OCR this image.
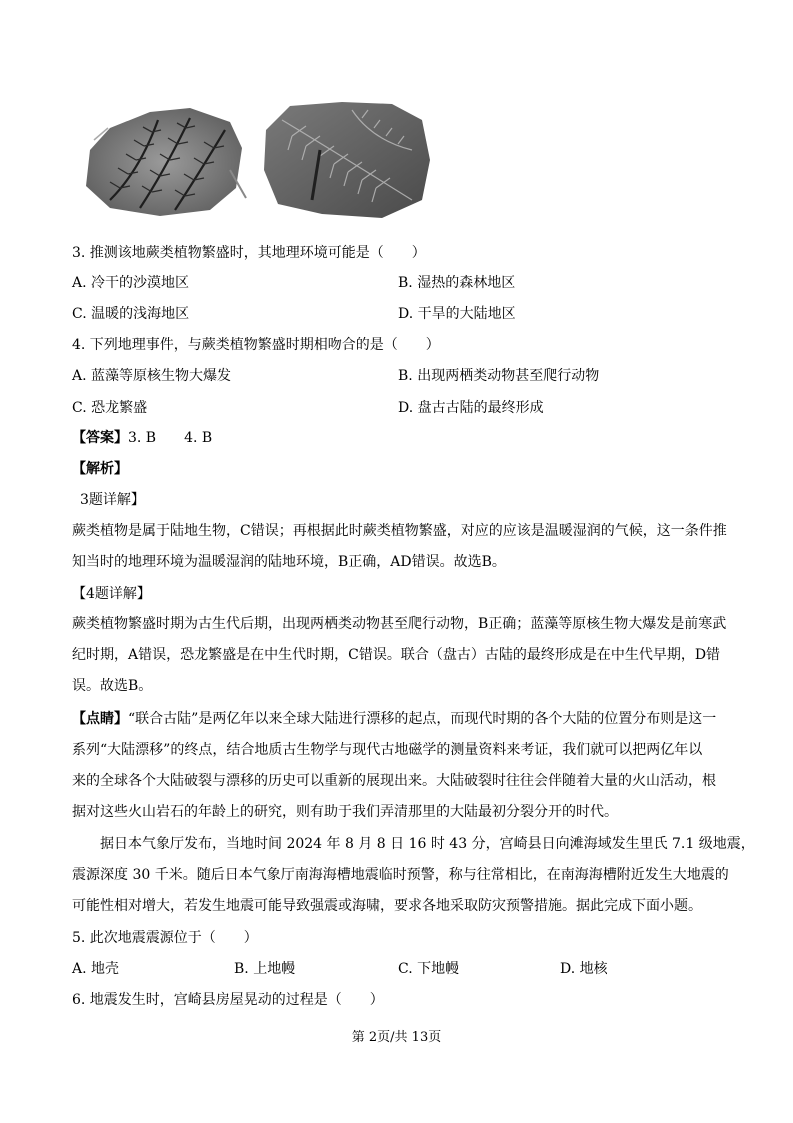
3. 推测该地蕨类植物繁盛时，其地理环境可能是（　　）
A. 冷干的沙漠地区	B. 湿热的森林地区
C. 温暖的浅海地区	D. 干旱的大陆地区
4. 下列地理事件，与蕨类植物繁盛时期相吻合的是（　　）
A. 蓝藻等原核生物大爆发	B. 出现两栖类动物甚至爬行动物
C. 恐龙繁盛	D. 盘古古陆的最终形成
【答案】3. B　　4. B
【解析】
3题详解】
蕨类植物是属于陆地生物，C错误；再根据此时蕨类植物繁盛，对应的应该是温暖湿润的气候，这一条件推
知当时的地理环境为温暖湿润的陆地环境，B正确，AD错误。故选B。
【4题详解】
蕨类植物繁盛时期为古生代后期，出现两栖类动物甚至爬行动物，B正确；蓝藻等原核生物大爆发是前寒武
纪时期，A错误，恐龙繁盛是在中生代时期，C错误。联合（盘古）古陆的最终形成是在中生代早期，D错
误。故选B。
【点睛】“联合古陆”是两亿年以来全球大陆进行漂移的起点，而现代时期的各个大陆的位置分布则是这一
系列“大陆漂移”的终点，结合地质古生物学与现代古地磁学的测量资料来考证，我们就可以把两亿年以
来的全球各个大陆破裂与漂移的历史可以重新的展现出来。大陆破裂时往往会伴随着大量的火山活动，根
据对这些火山岩石的年龄上的研究，则有助于我们弄清那里的大陆最初分裂分开的时代。
据日本气象厅发布，当地时间 2024 年 8 月 8 日 16 时 43 分，宫崎县日向滩海域发生里氏 7.1 级地震，
震源深度 30 千米。随后日本气象厅南海海槽地震临时预警，称与往常相比，在南海海槽附近发生大地震的
可能性相对增大，若发生地震可能导致强震或海啸，要求各地采取防灾预警措施。据此完成下面小题。
5. 此次地震震源位于（　　）
A. 地壳	B. 上地幔	C. 下地幔	D. 地核
6. 地震发生时，宫崎县房屋晃动的过程是（　　）
第 2页/共 13页
